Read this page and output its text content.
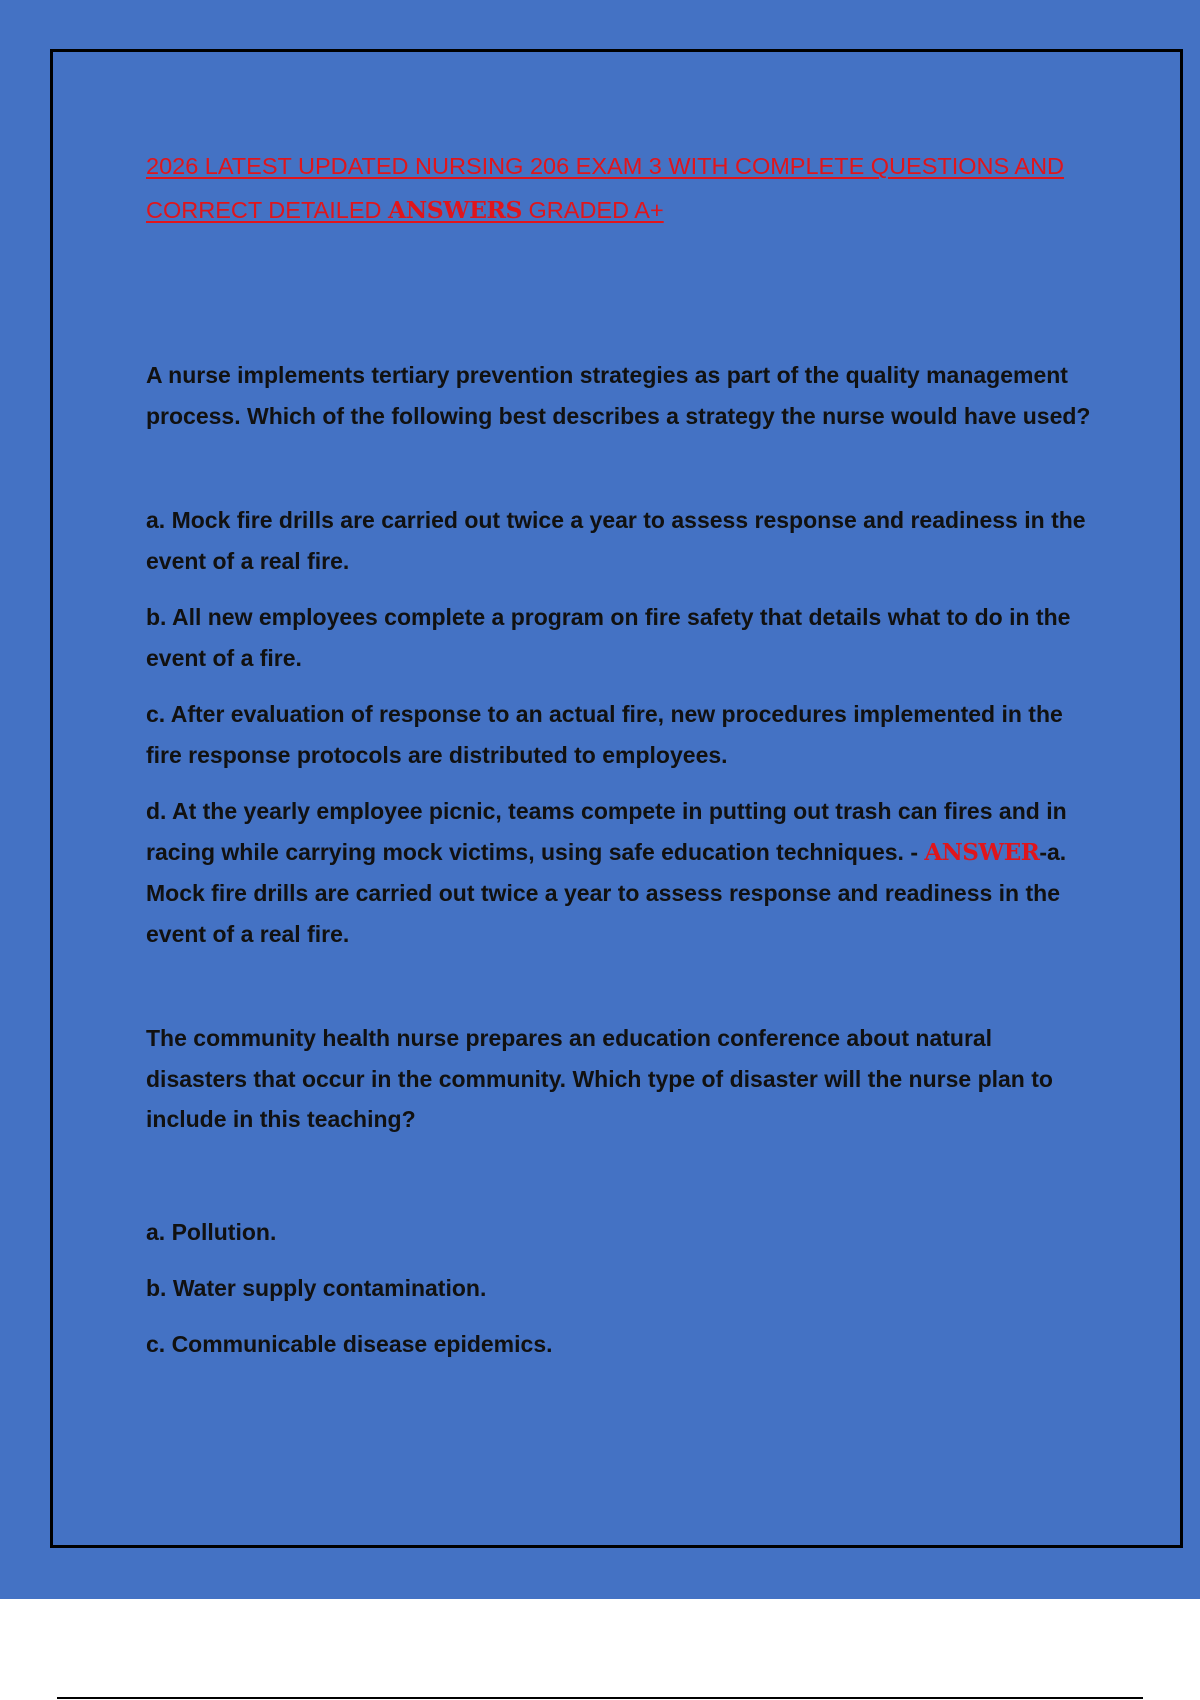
2026 LATEST UPDATED NURSING 206 EXAM 3 WITH COMPLETE QUESTIONS AND CORRECT DETAILED ANSWERS GRADED A+

A nurse implements tertiary prevention strategies as part of the quality management process. Which of the following best describes a strategy the nurse would have used?

a. Mock fire drills are carried out twice a year to assess response and readiness in the event of a real fire.

b. All new employees complete a program on fire safety that details what to do in the event of a fire.

c. After evaluation of response to an actual fire, new procedures implemented in the fire response protocols are distributed to employees.

d. At the yearly employee picnic, teams compete in putting out trash can fires and in racing while carrying mock victims, using safe education techniques. - ANSWER-a. Mock fire drills are carried out twice a year to assess response and readiness in the event of a real fire.

The community health nurse prepares an education conference about natural disasters that occur in the community. Which type of disaster will the nurse plan to include in this teaching?

a. Pollution.

b. Water supply contamination.

c. Communicable disease epidemics.
